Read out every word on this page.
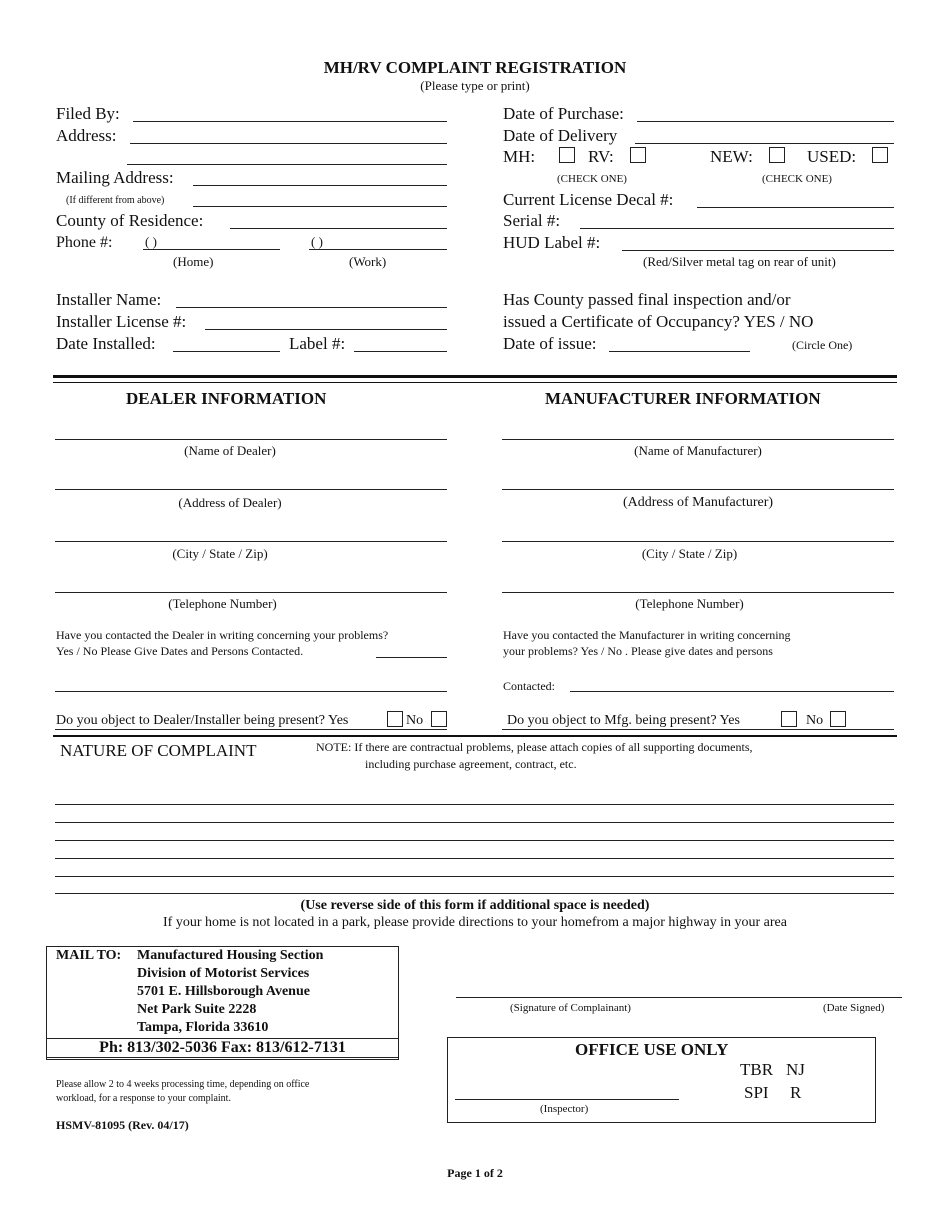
MH/RV COMPLAINT REGISTRATION
(Please type or print)
Filed By:
Address:
Mailing Address:
(If different from above)
County of Residence:
Phone #:	( )	( )
(Home)	(Work)
Date of Purchase:
Date of Delivery
MH:	RV:	NEW:	USED:
(CHECK ONE)	(CHECK ONE)
Current License Decal #:
Serial #:
HUD Label #:
(Red/Silver metal tag on rear of unit)
Installer Name:
Installer License #:
Date Installed:	Label #:
Has County passed final inspection and/or
issued a Certificate of Occupancy? YES / NO
Date of issue:	(Circle One)
DEALER INFORMATION	MANUFACTURER INFORMATION
(Name of Dealer)
(Address of Dealer)
(City / State / Zip)
(Telephone Number)
Have you contacted the Dealer in writing concerning your problems?
Yes / No Please Give Dates and Persons Contacted.
Do you object to Dealer/Installer being present? Yes	No
(Name of Manufacturer)
(Address of Manufacturer)
(City / State / Zip)
(Telephone Number)
Have you contacted the Manufacturer in writing concerning
your problems? Yes / No . Please give dates and persons
Contacted:
Do you object to Mfg. being present? Yes	No
NATURE OF COMPLAINT	NOTE: If there are contractual problems, please attach copies of all supporting documents,
including purchase agreement, contract, etc.
(Use reverse side of this form if additional space is needed)
If your home is not located in a park, please provide directions to your homefrom a major highway in your area
MAIL TO: Manufactured Housing Section
Division of Motorist Services
5701 E. Hillsborough Avenue
Net Park Suite 2228
Tampa, Florida 33610
Ph: 813/302-5036 Fax: 813/612-7131
(Signature of Complainant)	(Date Signed)
OFFICE USE ONLY
TBR NJ
SPI R
(Inspector)
Please allow 2 to 4 weeks processing time, depending on office
workload, for a response to your complaint.
HSMV-81095 (Rev. 04/17)
Page 1 of 2
